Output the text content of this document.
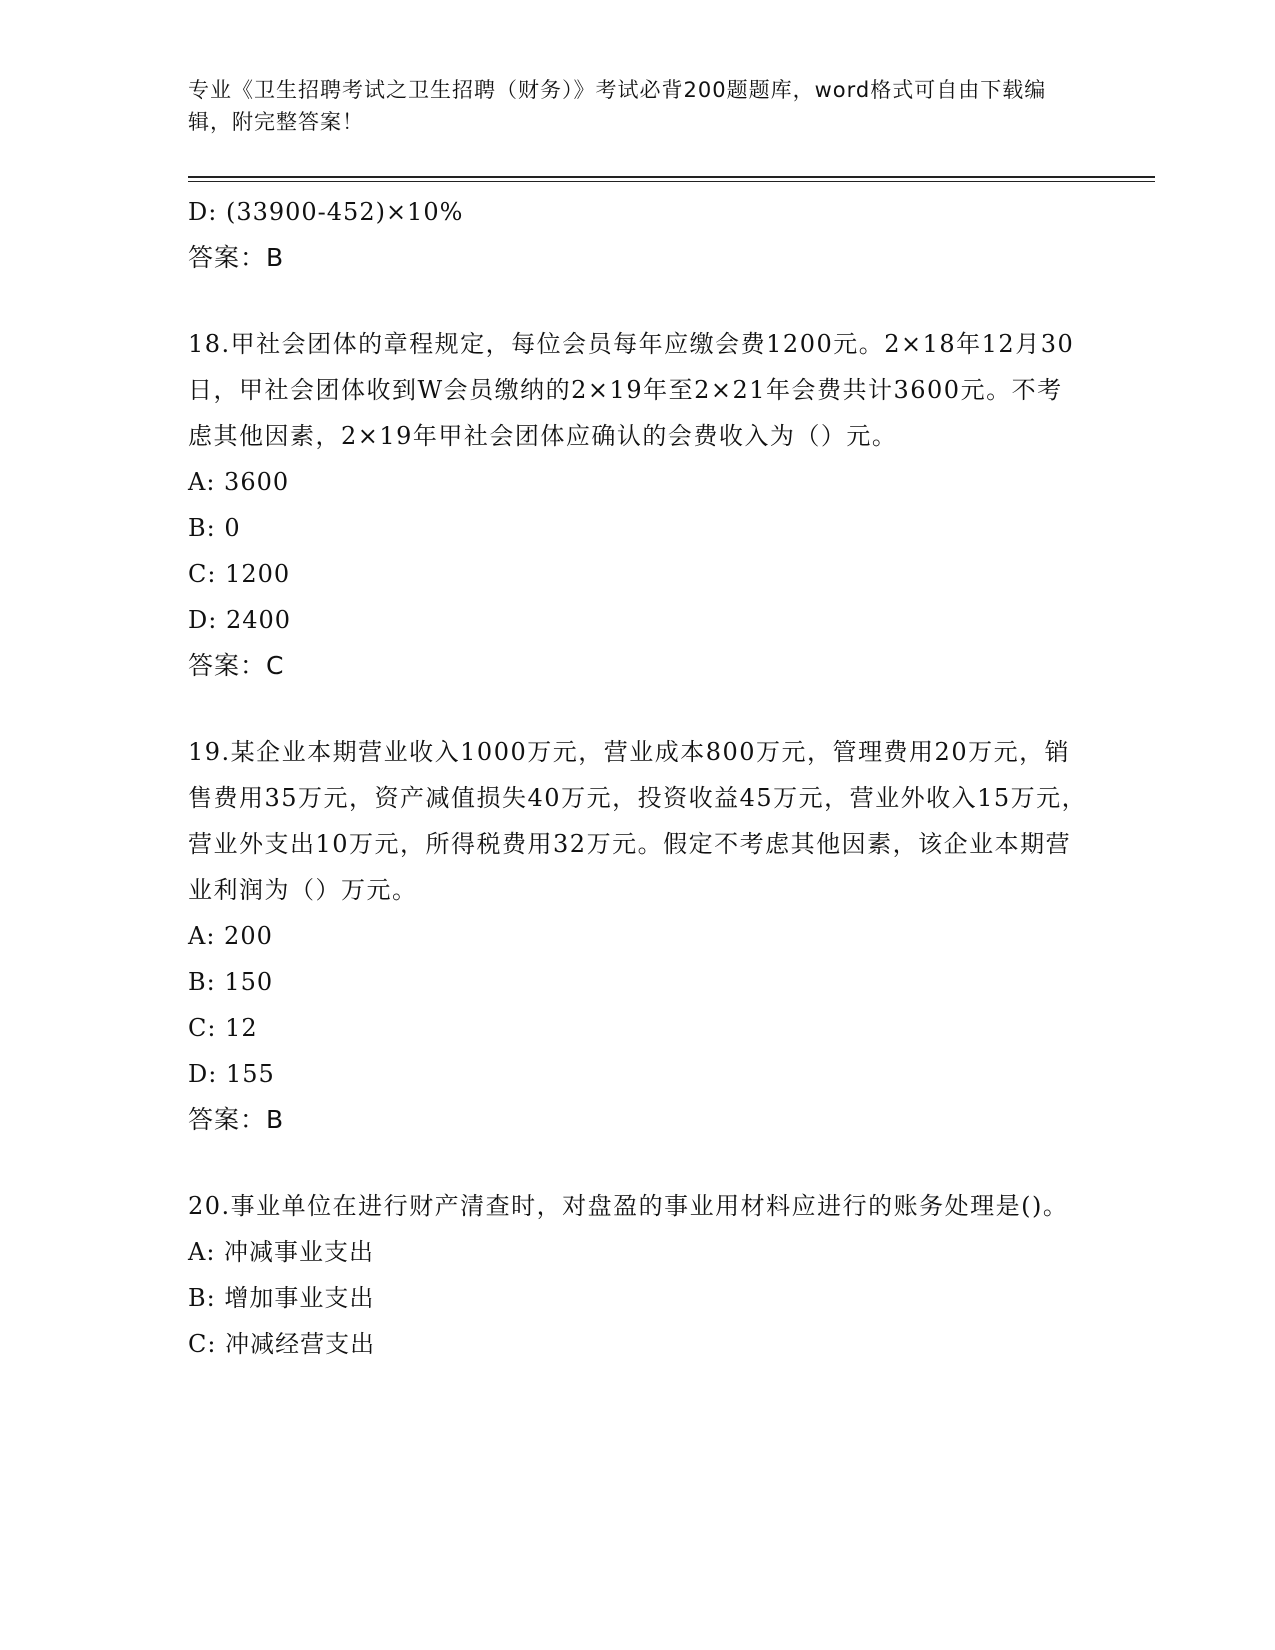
专业《卫生招聘考试之卫生招聘（财务）》考试必背200题题库，word格式可自由下载编辑，附完整答案！
D: (33900-452)×10%
答案：B
18.甲社会团体的章程规定，每位会员每年应缴会费1200元。2×18年12月30日，甲社会团体收到W会员缴纳的2×19年至2×21年会费共计3600元。不考虑其他因素，2×19年甲社会团体应确认的会费收入为（）元。
A: 3600
B: 0
C: 1200
D: 2400
答案：C
19.某企业本期营业收入1000万元，营业成本800万元，管理费用20万元，销售费用35万元，资产减值损失40万元，投资收益45万元，营业外收入15万元，营业外支出10万元，所得税费用32万元。假定不考虑其他因素，该企业本期营业利润为（）万元。
A: 200
B: 150
C: 12
D: 155
答案：B
20.事业单位在进行财产清查时，对盘盈的事业用材料应进行的账务处理是()。
A: 冲减事业支出
B: 增加事业支出
C: 冲减经营支出
